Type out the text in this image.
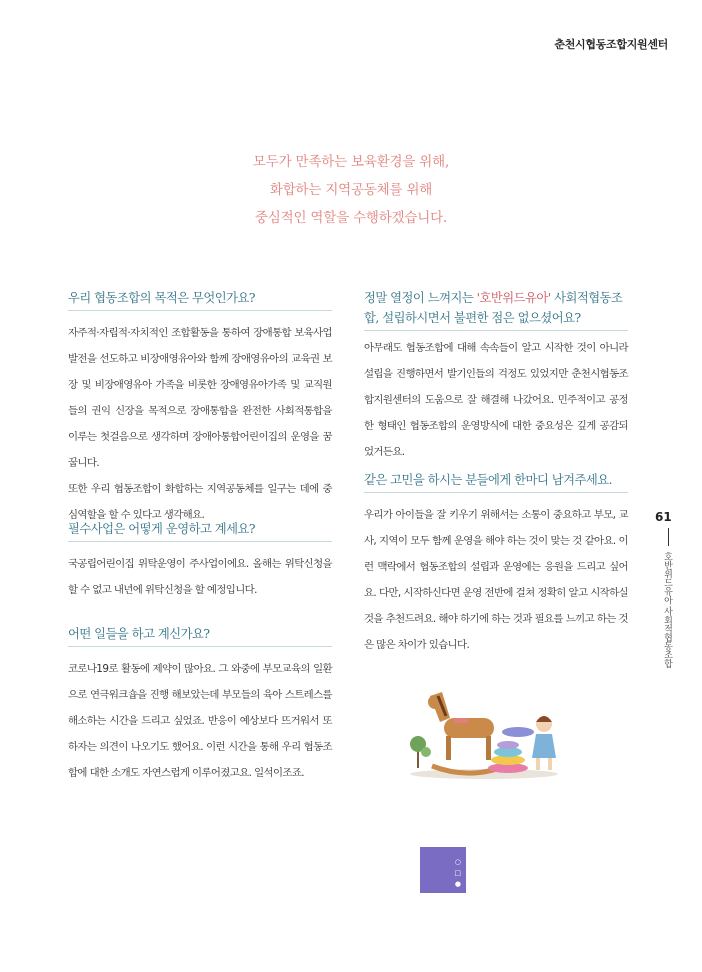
춘천시협동조합지원센터
모두가 만족하는 보육환경을 위해,
화합하는 지역공동체를 위해
중심적인 역할을 수행하겠습니다.
우리 협동조합의 목적은 무엇인가요?

자주적·자립적·자치적인 조합활동을 통하여 장애통합 보육사업 발전을 선도하고 비장애영유아와 함께 장애영유아의 교육권 보장 및 비장애영유아 가족을 비롯한 장애영유아가족 및 교직원들의 권익 신장을 목적으로 장애통합을 완전한 사회적통합을 이루는 첫걸음으로 생각하며 장애아통합어린이집의 운영을 꿈꿉니다.

또한 우리 협동조합이 화합하는 지역공동체를 일구는 데에 중심역할을 할 수 있다고 생각해요.

필수사업은 어떻게 운영하고 계세요?
국공립어린이집 위탁운영이 주사업이에요. 올해는 위탁신청을 할 수 없고 내년에 위탁신청을 할 예정입니다.
어떤 일들을 하고 계신가요?
코로나19로 활동에 제약이 많아요. 그 와중에 부모교육의 일환으로 연극워크숍을 진행 해보았는데 부모들의 육아 스트레스를 해소하는 시간을 드리고 싶었죠. 반응이 예상보다 뜨거워서 또 하자는 의견이 나오기도 했어요. 이런 시간을 통해 우리 협동조합에 대한 소개도 자연스럽게 이루어졌고요. 일석이조죠.
정말 열정이 느껴지는 '호반위드유아' 사회적협동조합, 설립하시면서 불편한 점은 없으셨어요?
아무래도 협동조합에 대해 속속들이 알고 시작한 것이 아니라 설립을 진행하면서 발기인들의 걱정도 있었지만 춘천시협동조합지원센터의 도움으로 잘 해결해 나갔어요. 민주적이고 공정한 형태인 협동조합의 운영방식에 대한 중요성은 깊게 공감되었거든요.
같은 고민을 하시는 분들에게 한마디 남겨주세요.
우리가 아이들을 잘 키우기 위해서는 소통이 중요하고 부모, 교사, 지역이 모두 함께 운영을 해야 하는 것이 맞는 것 같아요. 이런 맥락에서 협동조합의 설립과 운영에는 응원을 드리고 싶어요. 다만, 시작하신다면 운영 전반에 걸쳐 정확히 알고 시작하실 것을 추천드려요. 해야 하기에 하는 것과 필요를 느끼고 하는 것은 많은 차이가 있습니다.
61
호반위드유아 사회적협동조합
○
□
●
